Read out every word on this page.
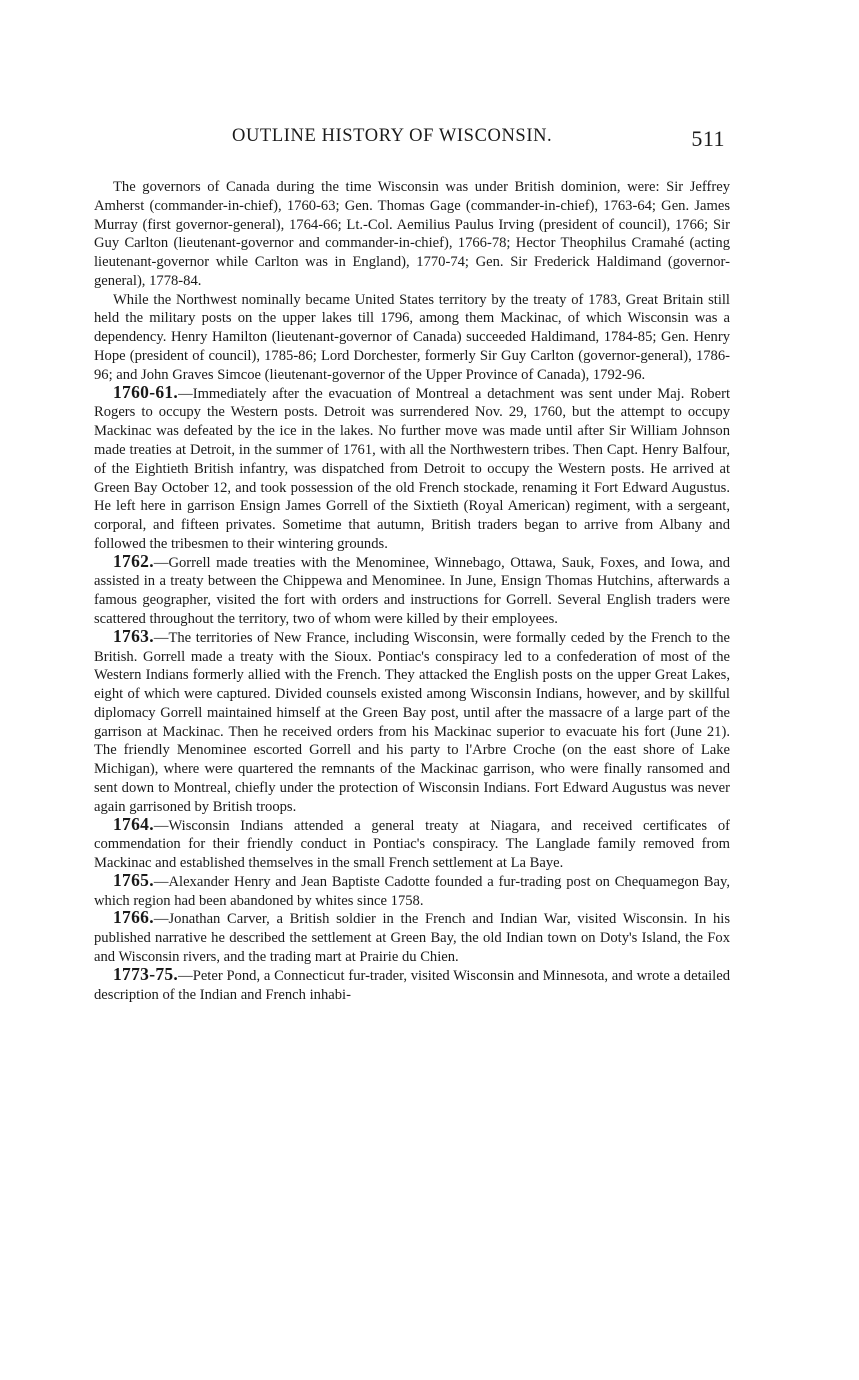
OUTLINE HISTORY OF WISCONSIN.	511

The governors of Canada during the time Wisconsin was under British dominion, were: Sir Jeffrey Amherst (commander-in-chief), 1760-63; Gen. Thomas Gage (commander-in-chief), 1763-64; Gen. James Murray (first governor-general), 1764-66; Lt.-Col. Aemilius Paulus Irving (president of council), 1766; Sir Guy Carlton (lieutenant-governor and commander-in-chief), 1766-78; Hector Theophilus Cramahé (acting lieutenant-governor while Carlton was in England), 1770-74; Gen. Sir Frederick Haldimand (governor-general), 1778-84.

While the Northwest nominally became United States territory by the treaty of 1783, Great Britain still held the military posts on the upper lakes till 1796, among them Mackinac, of which Wisconsin was a dependency. Henry Hamilton (lieutenant-governor of Canada) succeeded Haldimand, 1784-85; Gen. Henry Hope (president of council), 1785-86; Lord Dorchester, formerly Sir Guy Carlton (governor-general), 1786-96; and John Graves Simcoe (lieutenant-governor of the Upper Province of Canada), 1792-96.

1760-61.—Immediately after the evacuation of Montreal a detachment was sent under Maj. Robert Rogers to occupy the Western posts. Detroit was surrendered Nov. 29, 1760, but the attempt to occupy Mackinac was defeated by the ice in the lakes. No further move was made until after Sir William Johnson made treaties at Detroit, in the summer of 1761, with all the Northwestern tribes. Then Capt. Henry Balfour, of the Eightieth British infantry, was dispatched from Detroit to occupy the Western posts. He arrived at Green Bay October 12, and took possession of the old French stockade, renaming it Fort Edward Augustus. He left here in garrison Ensign James Gorrell of the Sixtieth (Royal American) regiment, with a sergeant, corporal, and fifteen privates. Sometime that autumn, British traders began to arrive from Albany and followed the tribesmen to their wintering grounds.

1762.—Gorrell made treaties with the Menominee, Winnebago, Ottawa, Sauk, Foxes, and Iowa, and assisted in a treaty between the Chippewa and Menominee. In June, Ensign Thomas Hutchins, afterwards a famous geographer, visited the fort with orders and instructions for Gorrell. Several English traders were scattered throughout the territory, two of whom were killed by their employees.

1763.—The territories of New France, including Wisconsin, were formally ceded by the French to the British. Gorrell made a treaty with the Sioux. Pontiac's conspiracy led to a confederation of most of the Western Indians formerly allied with the French. They attacked the English posts on the upper Great Lakes, eight of which were captured. Divided counsels existed among Wisconsin Indians, however, and by skillful diplomacy Gorrell maintained himself at the Green Bay post, until after the massacre of a large part of the garrison at Mackinac. Then he received orders from his Mackinac superior to evacuate his fort (June 21). The friendly Menominee escorted Gorrell and his party to l'Arbre Croche (on the east shore of Lake Michigan), where were quartered the remnants of the Mackinac garrison, who were finally ransomed and sent down to Montreal, chiefly under the protection of Wisconsin Indians. Fort Edward Augustus was never again garrisoned by British troops.

1764.—Wisconsin Indians attended a general treaty at Niagara, and received certificates of commendation for their friendly conduct in Pontiac's conspiracy. The Langlade family removed from Mackinac and established themselves in the small French settlement at La Baye.

1765.—Alexander Henry and Jean Baptiste Cadotte founded a fur-trading post on Chequamegon Bay, which region had been abandoned by whites since 1758.

1766.—Jonathan Carver, a British soldier in the French and Indian War, visited Wisconsin. In his published narrative he described the settlement at Green Bay, the old Indian town on Doty's Island, the Fox and Wisconsin rivers, and the trading mart at Prairie du Chien.

1773-75.—Peter Pond, a Connecticut fur-trader, visited Wisconsin and Minnesota, and wrote a detailed description of the Indian and French inhabi-
